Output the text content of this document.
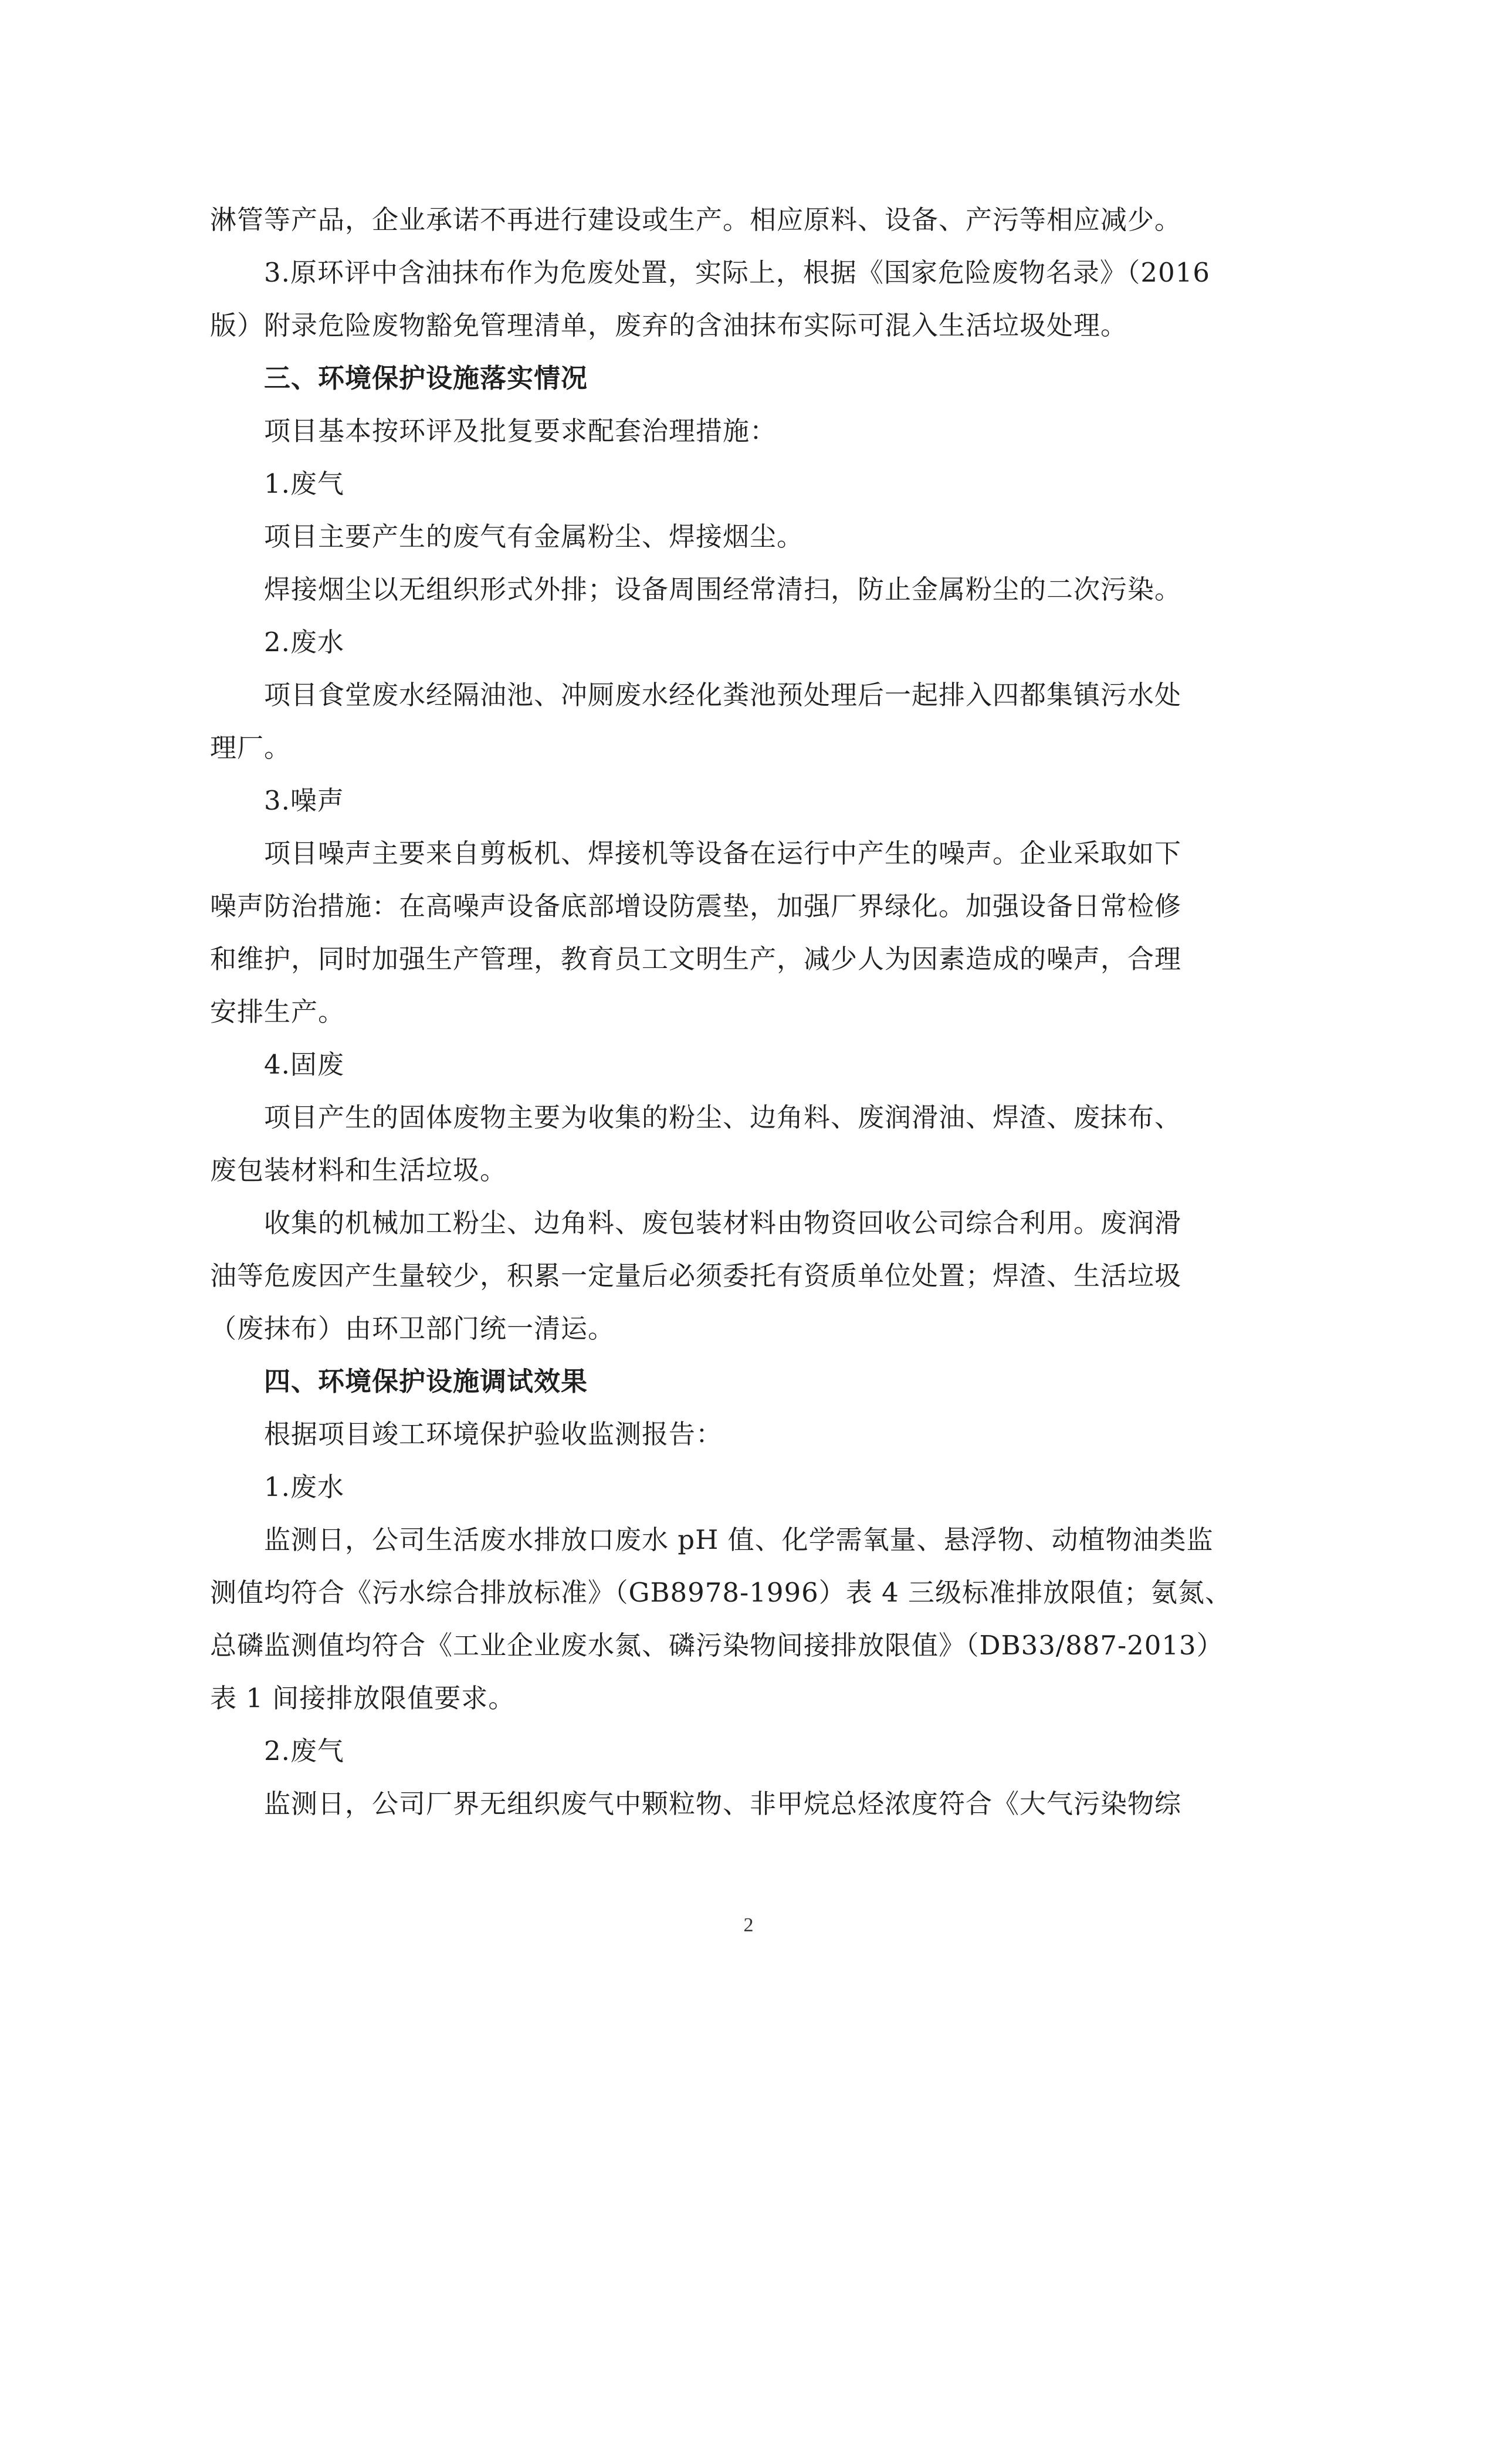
淋管等产品，企业承诺不再进行建设或生产。相应原料、设备、产污等相应减少。

3.原环评中含油抹布作为危废处置，实际上，根据《国家危险废物名录》（2016

版）附录危险废物豁免管理清单，废弃的含油抹布实际可混入生活垃圾处理。

三、环境保护设施落实情况

项目基本按环评及批复要求配套治理措施：

1.废气

项目主要产生的废气有金属粉尘、焊接烟尘。

焊接烟尘以无组织形式外排；设备周围经常清扫，防止金属粉尘的二次污染。

2.废水

项目食堂废水经隔油池、冲厕废水经化粪池预处理后一起排入四都集镇污水处

理厂。

3.噪声

项目噪声主要来自剪板机、焊接机等设备在运行中产生的噪声。企业采取如下

噪声防治措施：在高噪声设备底部增设防震垫，加强厂界绿化。加强设备日常检修

和维护，同时加强生产管理，教育员工文明生产，减少人为因素造成的噪声，合理

安排生产。

4.固废

项目产生的固体废物主要为收集的粉尘、边角料、废润滑油、焊渣、废抹布、

废包装材料和生活垃圾。

收集的机械加工粉尘、边角料、废包装材料由物资回收公司综合利用。废润滑

油等危废因产生量较少，积累一定量后必须委托有资质单位处置；焊渣、生活垃圾

（废抹布）由环卫部门统一清运。

四、环境保护设施调试效果

根据项目竣工环境保护验收监测报告：

1.废水

监测日，公司生活废水排放口废水 pH 值、化学需氧量、悬浮物、动植物油类监

测值均符合《污水综合排放标准》（GB8978-1996）表 4 三级标准排放限值；氨氮、

总磷监测值均符合《工业企业废水氮、磷污染物间接排放限值》（DB33/887-2013）

表 1 间接排放限值要求。

2.废气

监测日，公司厂界无组织废气中颗粒物、非甲烷总烃浓度符合《大气污染物综

2
